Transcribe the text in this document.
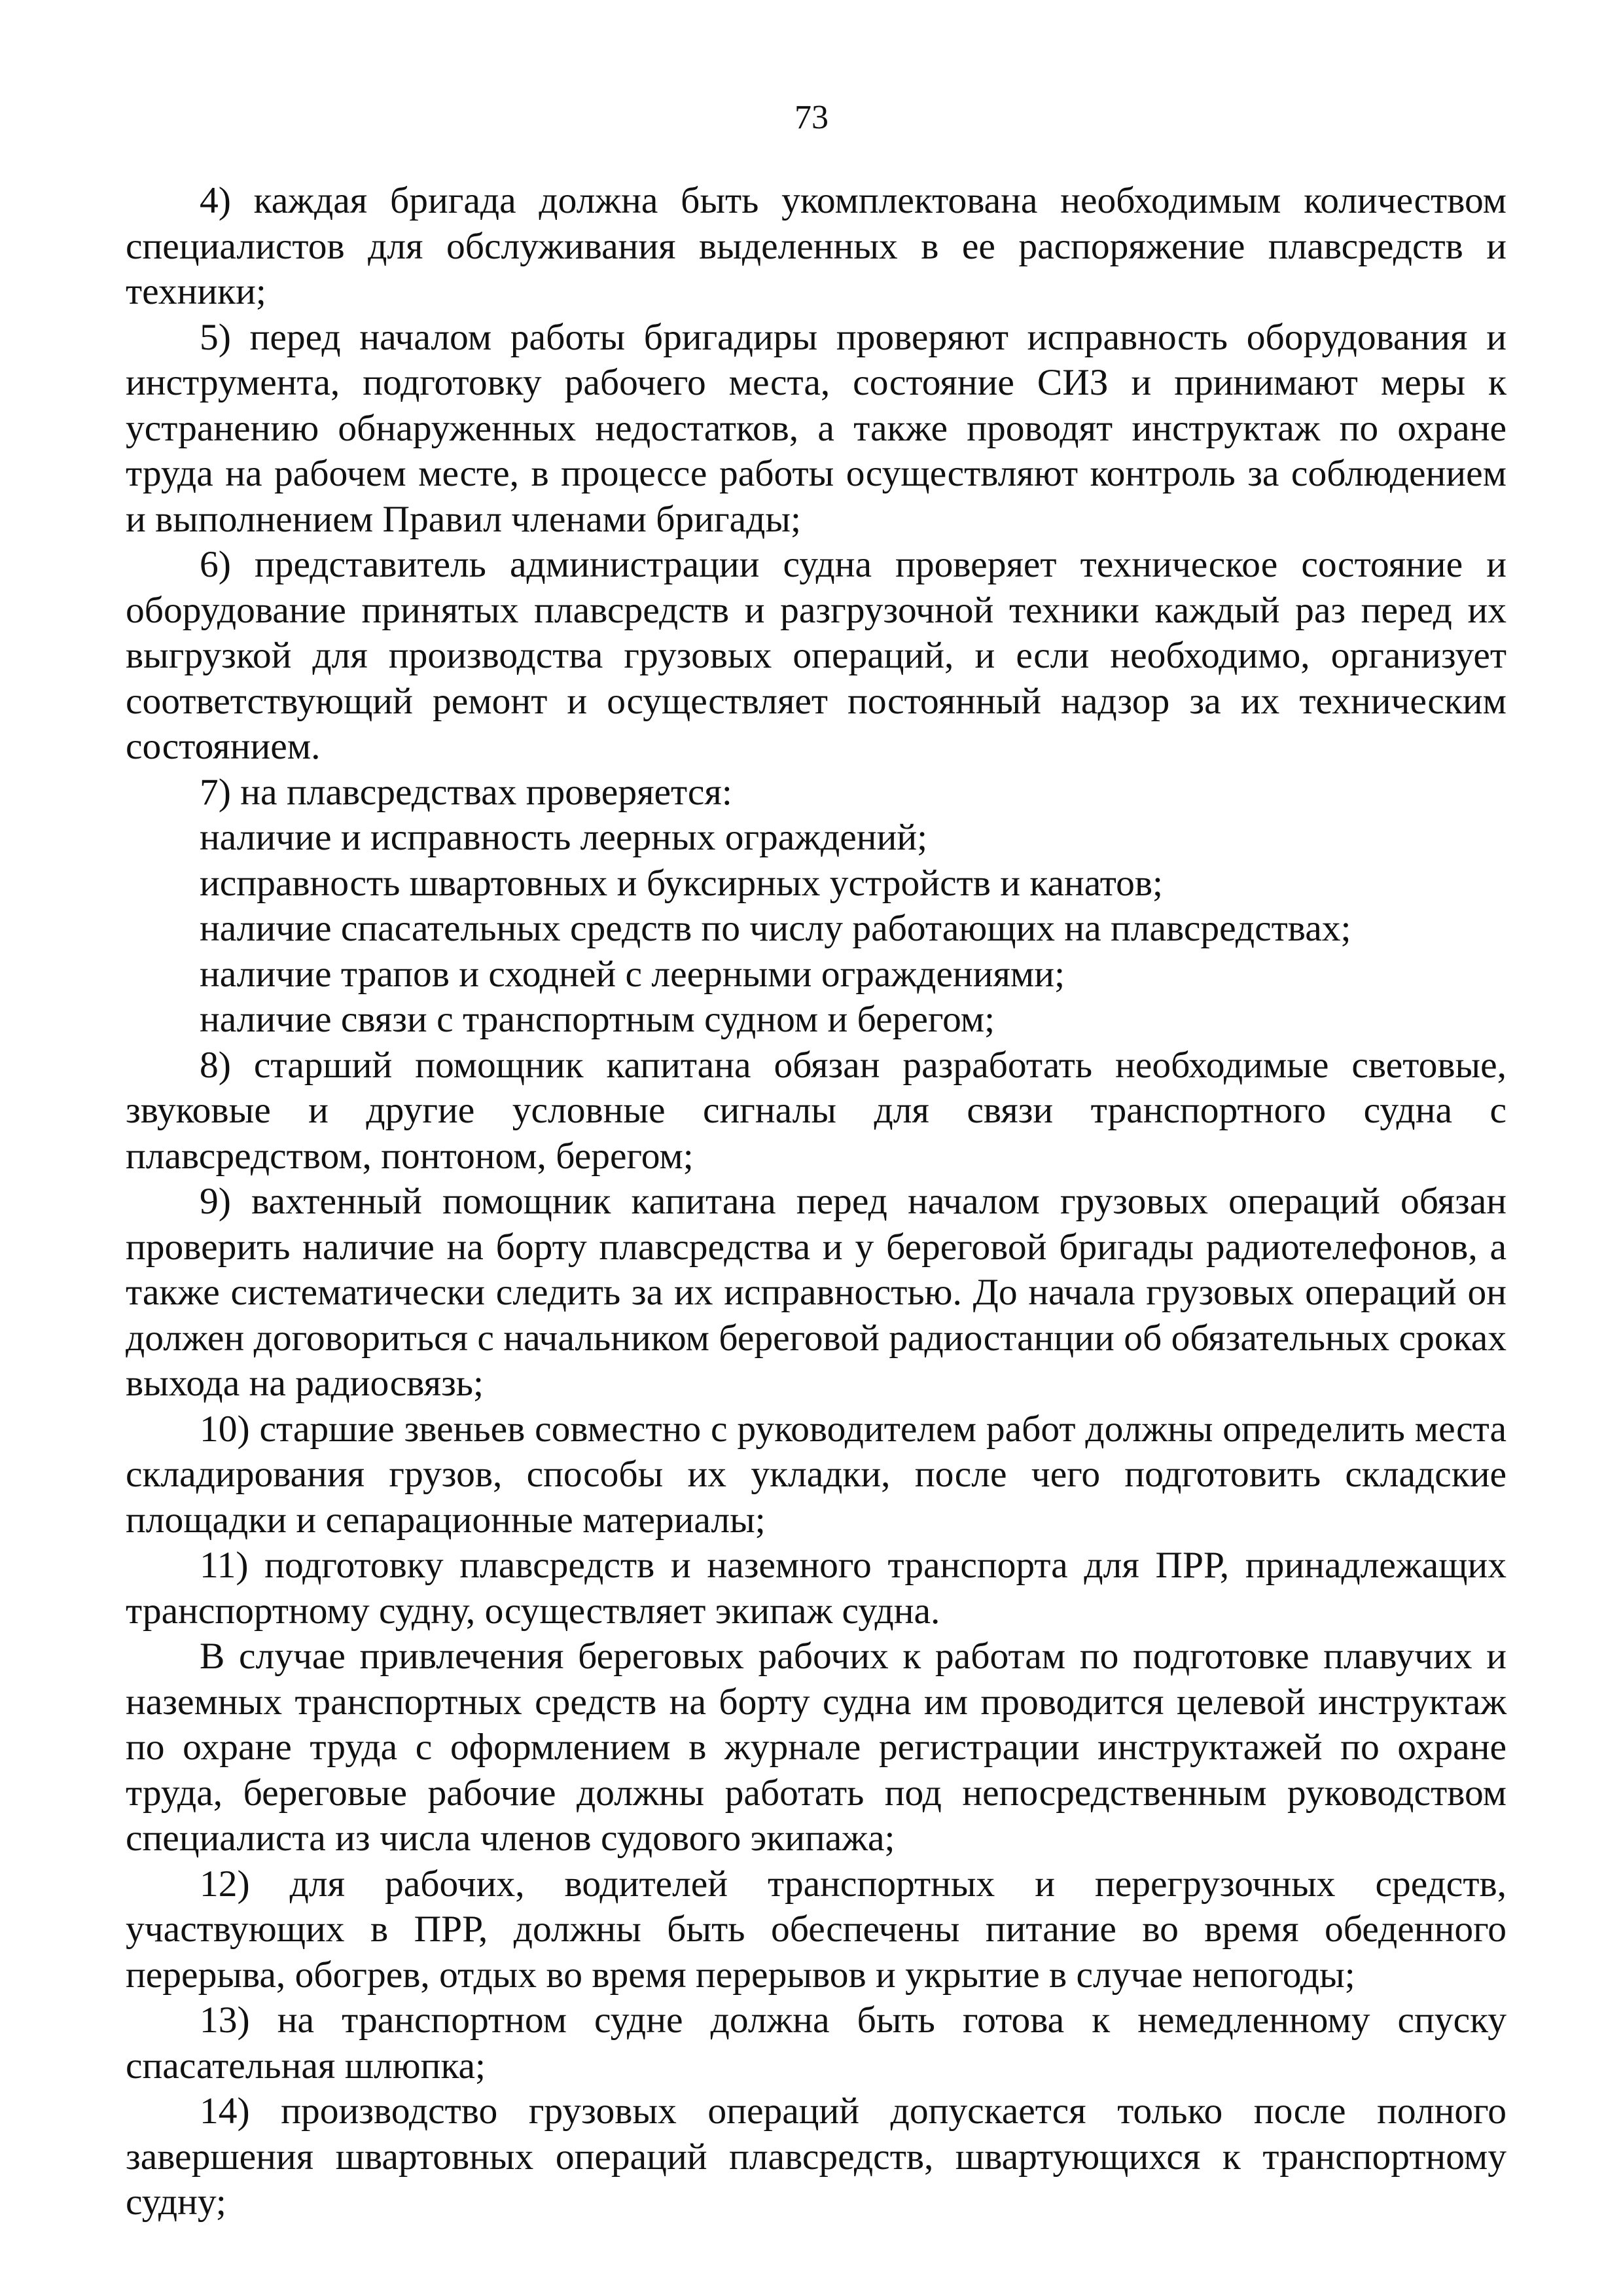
73

4) каждая бригада должна быть укомплектована необходимым количеством специалистов для обслуживания выделенных в ее распоряжение плавсредств и техники;

5) перед началом работы бригадиры проверяют исправность оборудования и инструмента, подготовку рабочего места, состояние СИЗ и принимают меры к устранению обнаруженных недостатков, а также проводят инструктаж по охране труда на рабочем месте, в процессе работы осуществляют контроль за соблюдением и выполнением Правил членами бригады;

6) представитель администрации судна проверяет техническое состояние и оборудование принятых плавсредств и разгрузочной техники каждый раз перед их выгрузкой для производства грузовых операций, и если необходимо, организует соответствующий ремонт и осуществляет постоянный надзор за их техническим состоянием.

7) на плавсредствах проверяется:

наличие и исправность леерных ограждений;

исправность швартовных и буксирных устройств и канатов;

наличие спасательных средств по числу работающих на плавсредствах;

наличие трапов и сходней с леерными ограждениями;

наличие связи с транспортным судном и берегом;

8) старший помощник капитана обязан разработать необходимые световые, звуковые и другие условные сигналы для связи транспортного судна с плавсредством, понтоном, берегом;

9) вахтенный помощник капитана перед началом грузовых операций обязан проверить наличие на борту плавсредства и у береговой бригады радиотелефонов, а также систематически следить за их исправностью. До начала грузовых операций он должен договориться с начальником береговой радиостанции об обязательных сроках выхода на радиосвязь;

10) старшие звеньев совместно с руководителем работ должны определить места складирования грузов, способы их укладки, после чего подготовить складские площадки и сепарационные материалы;

11) подготовку плавсредств и наземного транспорта для ПРР, принадлежащих транспортному судну, осуществляет экипаж судна.

В случае привлечения береговых рабочих к работам по подготовке плавучих и наземных транспортных средств на борту судна им проводится целевой инструктаж по охране труда с оформлением в журнале регистрации инструктажей по охране труда, береговые рабочие должны работать под непосредственным руководством специалиста из числа членов судового экипажа;

12) для рабочих, водителей транспортных и перегрузочных средств, участвующих в ПРР, должны быть обеспечены питание во время обеденного перерыва, обогрев, отдых во время перерывов и укрытие в случае непогоды;

13) на транспортном судне должна быть готова к немедленному спуску спасательная шлюпка;

14) производство грузовых операций допускается только после полного завершения швартовных операций плавсредств, швартующихся к транспортному судну;
